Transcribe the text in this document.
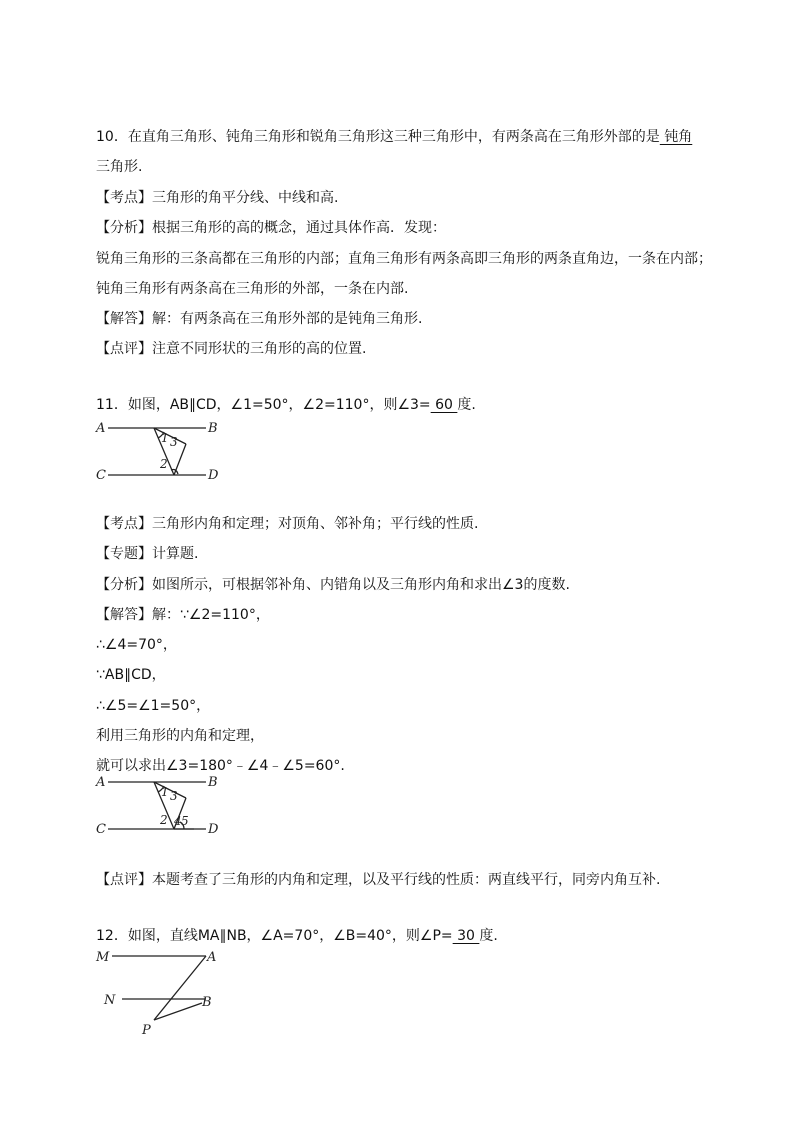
10．在直角三角形、钝角三角形和锐角三角形这三种三角形中，有两条高在三角形外部的是 钝角
三角形.
【考点】三角形的角平分线、中线和高.
【分析】根据三角形的高的概念，通过具体作高．发现：
锐角三角形的三条高都在三角形的内部；直角三角形有两条高即三角形的两条直角边，一条在内部；
钝角三角形有两条高在三角形的外部，一条在内部.
【解答】解：有两条高在三角形外部的是钝角三角形.
【点评】注意不同形状的三角形的高的位置.
11．如图，AB∥CD，∠1=50°，∠2=110°，则∠3= 60 度.
A	B
C	D
1 3
2
【考点】三角形内角和定理；对顶角、邻补角；平行线的性质.
【专题】计算题.
【分析】如图所示，可根据邻补角、内错角以及三角形内角和求出∠3的度数.
【解答】解：∵∠2=110°，
∴∠4=70°，
∵AB∥CD，
∴∠5=∠1=50°，
利用三角形的内角和定理，
就可以求出∠3=180°﹣∠4﹣∠5=60°.
A	B
C	D
1 3
2 4 5
【点评】本题考查了三角形的内角和定理，以及平行线的性质：两直线平行，同旁内角互补.
12．如图，直线MA∥NB，∠A=70°，∠B=40°，则∠P= 30 度.
M	A
N	B
P
